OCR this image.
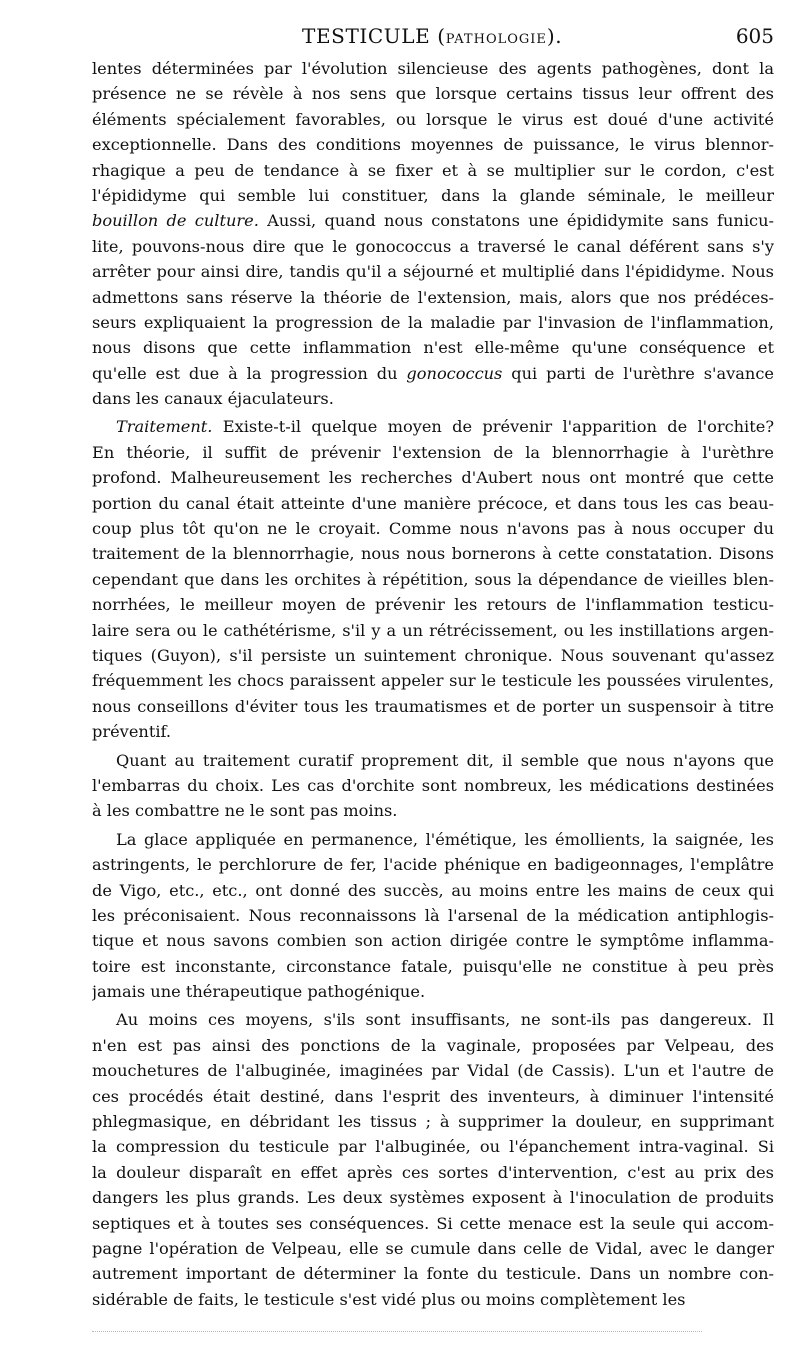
TESTICULE (PATHOLOGIE).	605
lentes déterminées par l'évolution silencieuse des agents pathogènes, dont la
présence ne se révèle à nos sens que lorsque certains tissus leur offrent des
éléments spécialement favorables, ou lorsque le virus est doué d'une activité
exceptionnelle. Dans des conditions moyennes de puissance, le virus blennor-
rhagique a peu de tendance à se fixer et à se multiplier sur le cordon, c'est
l'épididyme qui semble lui constituer, dans la glande séminale, le meilleur
bouillon de culture. Aussi, quand nous constatons une épididymite sans funicu-
lite, pouvons-nous dire que le gonococcus a traversé le canal déférent sans s'y
arrêter pour ainsi dire, tandis qu'il a séjourné et multiplié dans l'épididyme. Nous
admettons sans réserve la théorie de l'extension, mais, alors que nos prédéces-
seurs expliquaient la progression de la maladie par l'invasion de l'inflammation,
nous disons que cette inflammation n'est elle-même qu'une conséquence et
qu'elle est due à la progression du gonococcus qui parti de l'urèthre s'avance
dans les canaux éjaculateurs.
Traitement. Existe-t-il quelque moyen de prévenir l'apparition de l'orchite?
En théorie, il suffit de prévenir l'extension de la blennorrhagie à l'urèthre
profond. Malheureusement les recherches d'Aubert nous ont montré que cette
portion du canal était atteinte d'une manière précoce, et dans tous les cas beau-
coup plus tôt qu'on ne le croyait. Comme nous n'avons pas à nous occuper du
traitement de la blennorrhagie, nous nous bornerons à cette constatation. Disons
cependant que dans les orchites à répétition, sous la dépendance de vieilles blen-
norrhées, le meilleur moyen de prévenir les retours de l'inflammation testicu-
laire sera ou le cathétérisme, s'il y a un rétrécissement, ou les instillations argen-
tiques (Guyon), s'il persiste un suintement chronique. Nous souvenant qu'assez
fréquemment les chocs paraissent appeler sur le testicule les poussées virulentes,
nous conseillons d'éviter tous les traumatismes et de porter un suspensoir à titre
préventif.
Quant au traitement curatif proprement dit, il semble que nous n'ayons que
l'embarras du choix. Les cas d'orchite sont nombreux, les médications destinées
à les combattre ne le sont pas moins.
La glace appliquée en permanence, l'émétique, les émollients, la saignée, les
astringents, le perchlorure de fer, l'acide phénique en badigeonnages, l'emplâtre
de Vigo, etc., etc., ont donné des succès, au moins entre les mains de ceux qui
les préconisaient. Nous reconnaissons là l'arsenal de la médication antiphlogis-
tique et nous savons combien son action dirigée contre le symptôme inflamma-
toire est inconstante, circonstance fatale, puisqu'elle ne constitue à peu près
jamais une thérapeutique pathogénique.
Au moins ces moyens, s'ils sont insuffisants, ne sont-ils pas dangereux. Il
n'en est pas ainsi des ponctions de la vaginale, proposées par Velpeau, des
mouchetures de l'albuginée, imaginées par Vidal (de Cassis). L'un et l'autre de
ces procédés était destiné, dans l'esprit des inventeurs, à diminuer l'intensité
phlegmasique, en débridant les tissus ; à supprimer la douleur, en supprimant
la compression du testicule par l'albuginée, ou l'épanchement intra-vaginal. Si
la douleur disparaît en effet après ces sortes d'intervention, c'est au prix des
dangers les plus grands. Les deux systèmes exposent à l'inoculation de produits
septiques et à toutes ses conséquences. Si cette menace est la seule qui accom-
pagne l'opération de Velpeau, elle se cumule dans celle de Vidal, avec le danger
autrement important de déterminer la fonte du testicule. Dans un nombre con-
sidérable de faits, le testicule s'est vidé plus ou moins complètement les
